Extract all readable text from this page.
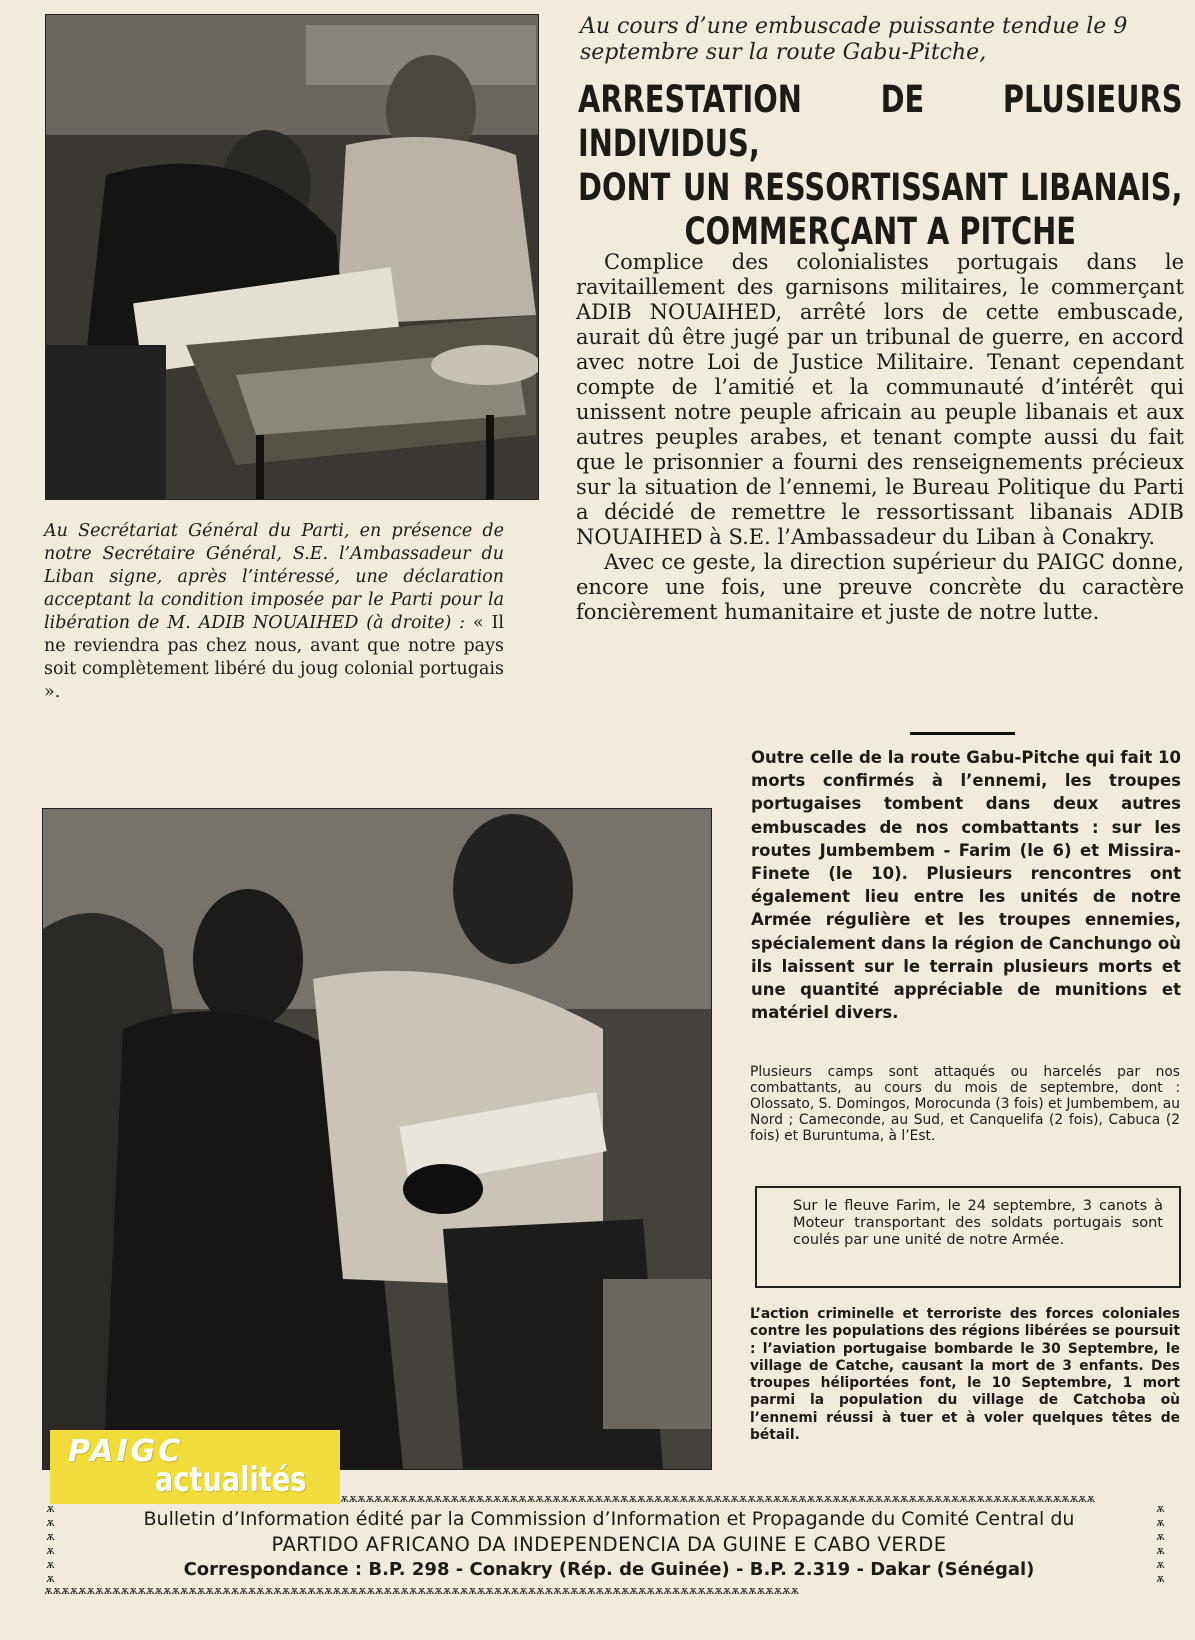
Au cours d’une embuscade puissante tendue le 9 septembre sur la route Gabu-Pitche,
ARRESTATION DE PLUSIEURS INDIVIDUS,
DONT UN RESSORTISSANT LIBANAIS,
COMMERÇANT A PITCHE

Complice des colonialistes portugais dans le ravitaillement des garnisons militaires, le commerçant ADIB NOUAIHED, arrêté lors de cette embuscade, aurait dû être jugé par un tribunal de guerre, en accord avec notre Loi de Justice Militaire. Tenant cependant compte de l’amitié et la communauté d’intérêt qui unissent notre peuple africain au peuple libanais et aux autres peuples arabes, et tenant compte aussi du fait que le prisonnier a fourni des renseignements précieux sur la situation de l’ennemi, le Bureau Politique du Parti a décidé de remettre le ressortissant libanais ADIB NOUAIHED à S.E. l’Ambassadeur du Liban à Conakry.

Avec ce geste, la direction supérieur du PAIGC donne, encore une fois, une preuve concrète du caractère foncièrement humanitaire et juste de notre lutte.

Au Secrétariat Général du Parti, en présence de notre Secrétaire Général, S.E. l’Ambassadeur du Liban signe, après l’intéressé, une déclaration acceptant la condition imposée par le Parti pour la libération de M. ADIB NOUAIHED (à droite) : « Il ne reviendra pas chez nous, avant que notre pays soit complètement libéré du joug colonial portugais ».
Outre celle de la route Gabu-Pitche qui fait 10 morts confirmés à l’ennemi, les troupes portugaises tombent dans deux autres embuscades de nos combattants : sur les routes Jumbembem - Farim (le 6) et Missira-Finete (le 10). Plusieurs rencontres ont également lieu entre les unités de notre Armée régulière et les troupes ennemies, spécialement dans la région de Canchungo où ils laissent sur le terrain plusieurs morts et une quantité appréciable de munitions et matériel divers.
Plusieurs camps sont attaqués ou harcelés par nos combattants, au cours du mois de septembre, dont : Olossato, S. Domingos, Morocunda (3 fois) et Jumbembem, au Nord ; Cameconde, au Sud, et Canquelifa (2 fois), Cabuca (2 fois) et Buruntuma, à l’Est.
Sur le fleuve Farim, le 24 septembre, 3 canots à Moteur transportant des soldats portugais sont coulés par une unité de notre Armée.
L’action criminelle et terroriste des forces coloniales contre les populations des régions libérées se poursuit : l’aviation portugaise bombarde le 30 Septembre, le village de Catche, causant la mort de 3 enfants. Des troupes héliportées font, le 10 Septembre, 1 mort parmi la population du village de Catchoba où l’ennemi réussi à tuer et à voler quelques têtes de bétail.
PAIGC
actualités	ѫѫѫѫѫѫѫѫѫѫѫѫѫѫѫѫѫѫѫѫѫѫѫѫѫѫѫѫѫѫѫѫѫѫѫѫѫѫѫѫѫѫѫѫѫѫѫѫѫѫѫѫѫѫѫѫѫѫѫѫѫѫѫѫѫѫѫѫѫѫѫѫѫѫѫѫѫѫѫѫѫѫѫѫѫѫѫѫѫ
ѫѫѫѫѫѫѫѫѫѫѫѫѫѫѫѫѫѫѫѫѫѫѫѫѫѫѫѫѫѫѫѫѫѫѫѫѫѫѫѫѫѫѫѫѫѫѫѫѫѫѫѫѫѫѫѫѫѫѫѫѫѫѫѫѫѫѫѫѫѫѫѫѫѫѫѫѫѫѫѫѫѫѫѫѫѫѫѫѫ
ѫ ѫ ѫ ѫ ѫ ѫ
ѫ ѫ ѫ ѫ ѫ ѫ
Bulletin d’Information édité par la Commission d’Information et Propagande du Comité Central du
PARTIDO AFRICANO DA INDEPENDENCIA DA GUINE E CABO VERDE
Correspondance : B.P. 298 - Conakry (Rép. de Guinée) - B.P. 2.319 - Dakar (Sénégal)
